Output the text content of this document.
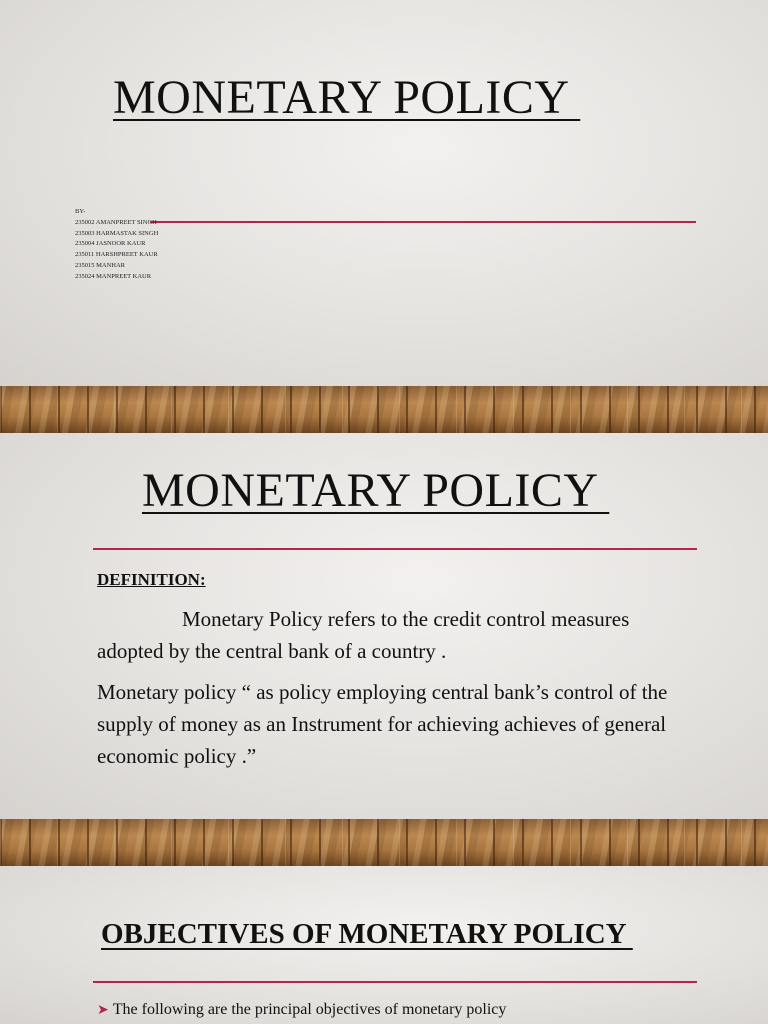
MONETARY POLICY
BY-
235002 AMANPREET SINGH
235003 HARMASTAK SINGH
235004 JASNOOR KAUR
235011 HARSHPREET KAUR
235015 MANHAR
235024 MANPREET KAUR
MONETARY POLICY
DEFINITION:
Monetary Policy refers to the credit control measures adopted by the central bank of a country .
Monetary policy “ as policy employing central bank’s control of the supply of money as an Instrument for achieving achieves of general economic policy .”
OBJECTIVES OF MONETARY POLICY
➤ The following are the principal objectives of monetary policy
